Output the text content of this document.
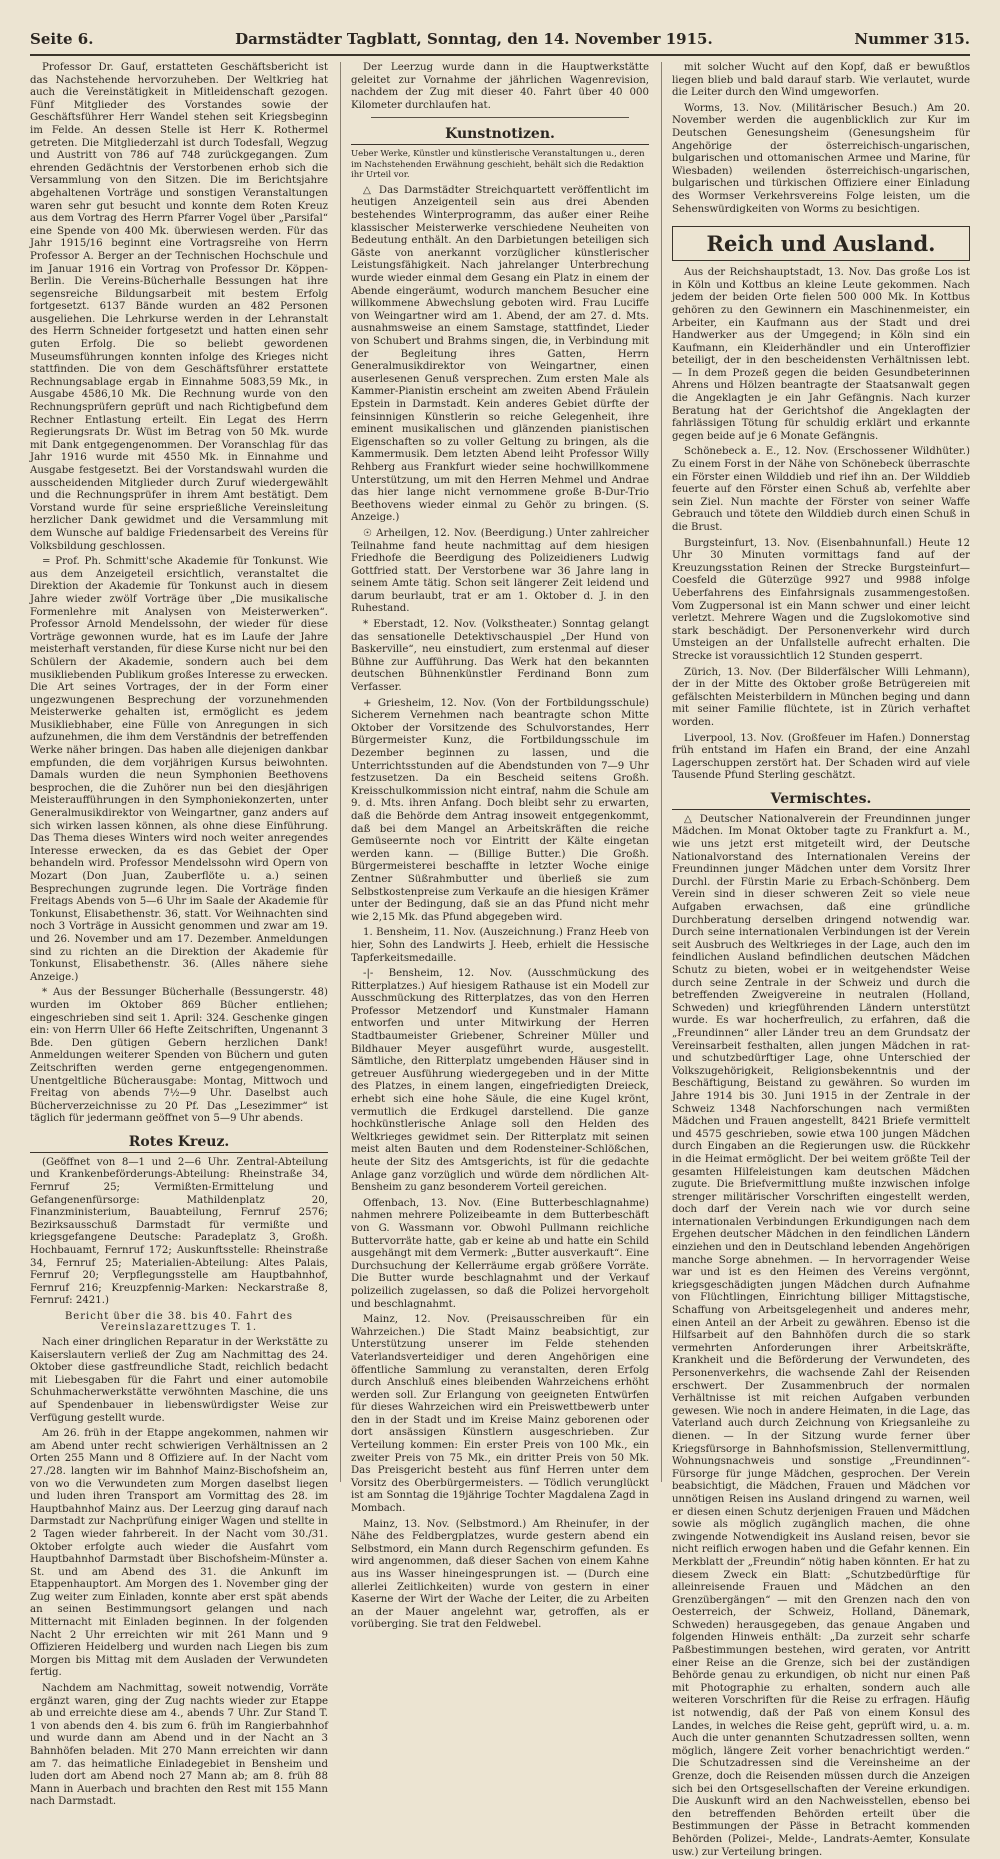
Seite 6.	Darmstädter Tagblatt, Sonntag, den 14. November 1915.	Nummer 315.

Professor Dr. Gauf, erstatteten Geschäftsbericht ist das Nachstehende hervorzuheben. Der Weltkrieg hat auch die Vereinstätigkeit in Mitleidenschaft gezogen. Fünf Mitglieder des Vorstandes sowie der Geschäftsführer Herr Wandel stehen seit Kriegsbeginn im Felde. An dessen Stelle ist Herr K. Rothermel getreten. Die Mitgliederzahl ist durch Todesfall, Wegzug und Austritt von 786 auf 748 zurückgegangen. Zum ehrenden Gedächtnis der Verstorbenen erhob sich die Versammlung von den Sitzen. Die im Berichtsjahre abgehaltenen Vorträge und sonstigen Veranstaltungen waren sehr gut besucht und konnte dem Roten Kreuz aus dem Vortrag des Herrn Pfarrer Vogel über „Parsifal“ eine Spende von 400 Mk. überwiesen werden. Für das Jahr 1915/16 beginnt eine Vortragsreihe von Herrn Professor A. Berger an der Technischen Hochschule und im Januar 1916 ein Vortrag von Professor Dr. Köppen-Berlin. Die Vereins-Bücherhalle Bessungen hat ihre segensreiche Bildungsarbeit mit bestem Erfolg fortgesetzt. 6137 Bände wurden an 482 Personen ausgeliehen. Die Lehrkurse werden in der Lehranstalt des Herrn Schneider fortgesetzt und hatten einen sehr guten Erfolg. Die so beliebt gewordenen Museumsführungen konnten infolge des Krieges nicht stattfinden. Die von dem Geschäftsführer erstattete Rechnungsablage ergab in Einnahme 5083,59 Mk., in Ausgabe 4586,10 Mk. Die Rechnung wurde von den Rechnungsprüfern geprüft und nach Richtigbefund dem Rechner Entlastung erteilt. Ein Legat des Herrn Regierungsrats Dr. Wüst im Betrag von 50 Mk. wurde mit Dank entgegengenommen. Der Voranschlag für das Jahr 1916 wurde mit 4550 Mk. in Einnahme und Ausgabe festgesetzt. Bei der Vorstandswahl wurden die ausscheidenden Mitglieder durch Zuruf wiedergewählt und die Rechnungsprüfer in ihrem Amt bestätigt. Dem Vorstand wurde für seine ersprießliche Vereinsleitung herzlicher Dank gewidmet und die Versammlung mit dem Wunsche auf baldige Friedensarbeit des Vereins für Volksbildung geschlossen.

= Prof. Ph. Schmitt'sche Akademie für Tonkunst. Wie aus dem Anzeigeteil ersichtlich, veranstaltet die Direktion der Akademie für Tonkunst auch in diesem Jahre wieder zwölf Vorträge über „Die musikalische Formenlehre mit Analysen von Meisterwerken“. Professor Arnold Mendelssohn, der wieder für diese Vorträge gewonnen wurde, hat es im Laufe der Jahre meisterhaft verstanden, für diese Kurse nicht nur bei den Schülern der Akademie, sondern auch bei dem musikliebenden Publikum großes Interesse zu erwecken. Die Art seines Vortrages, der in der Form einer ungezwungenen Besprechung der vorzunehmenden Meisterwerke gehalten ist, ermöglicht es jedem Musikliebhaber, eine Fülle von Anregungen in sich aufzunehmen, die ihm dem Verständnis der betreffenden Werke näher bringen. Das haben alle diejenigen dankbar empfunden, die dem vorjährigen Kursus beiwohnten. Damals wurden die neun Symphonien Beethovens besprochen, die die Zuhörer nun bei den diesjährigen Meisteraufführungen in den Symphoniekonzerten, unter Generalmusikdirektor von Weingartner, ganz anders auf sich wirken lassen können, als ohne diese Einführung. Das Thema dieses Winters wird noch weiter anregendes Interesse erwecken, da es das Gebiet der Oper behandeln wird. Professor Mendelssohn wird Opern von Mozart (Don Juan, Zauberflöte u. a.) seinen Besprechungen zugrunde legen. Die Vorträge finden Freitags Abends von 5—6 Uhr im Saale der Akademie für Tonkunst, Elisabethenstr. 36, statt. Vor Weihnachten sind noch 3 Vorträge in Aussicht genommen und zwar am 19. und 26. November und am 17. Dezember. Anmeldungen sind zu richten an die Direktion der Akademie für Tonkunst, Elisabethenstr. 36. (Alles nähere siehe Anzeige.)

* Aus der Bessunger Bücherhalle (Bessungerstr. 48) wurden im Oktober 869 Bücher entliehen; eingeschrieben sind seit 1. April: 324. Geschenke gingen ein: von Herrn Uller 66 Hefte Zeitschriften, Ungenannt 3 Bde. Den gütigen Gebern herzlichen Dank! Anmeldungen weiterer Spenden von Büchern und guten Zeitschriften werden gerne entgegengenommen. Unentgeltliche Bücherausgabe: Montag, Mittwoch und Freitag von abends 7½—9 Uhr. Daselbst auch Bücherverzeichnisse zu 20 Pf. Das „Lesezimmer“ ist täglich für jedermann geöffnet von 5—9 Uhr abends.

Rotes Kreuz.

(Geöffnet von 8—1 und 2—6 Uhr. Zentral-Abteilung und Krankenbeförderungs-Abteilung: Rheinstraße 34, Fernruf 25; Vermißten-Ermittelung und Gefangenenfürsorge: Mathildenplatz 20, Finanzministerium, Bauabteilung, Fernruf 2576; Bezirksausschuß Darmstadt für vermißte und kriegsgefangene Deutsche: Paradeplatz 3, Großh. Hochbauamt, Fernruf 172; Auskunftsstelle: Rheinstraße 34, Fernruf 25; Materialien-Abteilung: Altes Palais, Fernruf 20; Verpflegungsstelle am Hauptbahnhof, Fernruf 216; Kreuzpfennig-Marken: Neckarstraße 8, Fernruf: 2421.)

Bericht über die 38. bis 40. Fahrt des Vereinslazarettzuges T. 1.

Nach einer dringlichen Reparatur in der Werkstätte zu Kaiserslautern verließ der Zug am Nachmittag des 24. Oktober diese gastfreundliche Stadt, reichlich bedacht mit Liebesgaben für die Fahrt und einer automobile Schuhmacherwerkstätte verwöhnten Maschine, die uns auf Spendenbauer in liebenswürdigster Weise zur Verfügung gestellt wurde.

Am 26. früh in der Etappe angekommen, nahmen wir am Abend unter recht schwierigen Verhältnissen an 2 Orten 255 Mann und 8 Offiziere auf. In der Nacht vom 27./28. langten wir im Bahnhof Mainz-Bischofsheim an, von wo die Verwundeten zum Morgen daselbst liegen und luden ihren Transport am Vormittag des 28. im Hauptbahnhof Mainz aus. Der Leerzug ging darauf nach Darmstadt zur Nachprüfung einiger Wagen und stellte in 2 Tagen wieder fahrbereit. In der Nacht vom 30./31. Oktober erfolgte auch wieder die Ausfahrt vom Hauptbahnhof Darmstadt über Bischofsheim-Münster a. St. und am Abend des 31. die Ankunft im Etappenhauptort. Am Morgen des 1. November ging der Zug weiter zum Einladen, konnte aber erst spät abends an seinen Bestimmungsort gelangen und nach Mitternacht mit Einladen beginnen. In der folgenden Nacht 2 Uhr erreichten wir mit 261 Mann und 9 Offizieren Heidelberg und wurden nach Liegen bis zum Morgen bis Mittag mit dem Ausladen der Verwundeten fertig.

Nachdem am Nachmittag, soweit notwendig, Vorräte ergänzt waren, ging der Zug nachts wieder zur Etappe ab und erreichte diese am 4., abends 7 Uhr. Zur Stand T. 1 von abends den 4. bis zum 6. früh im Rangierbahnhof und wurde dann am Abend und in der Nacht an 3 Bahnhöfen beladen. Mit 270 Mann erreichten wir dann am 7. das heimatliche Einladegebiet in Bensheim und luden dort am Abend noch 27 Mann ab; am 8. früh 88 Mann in Auerbach und brachten den Rest mit 155 Mann nach Darmstadt.

Der Leerzug wurde dann in die Hauptwerkstätte geleitet zur Vornahme der jährlichen Wagenrevision, nachdem der Zug mit dieser 40. Fahrt über 40 000 Kilometer durchlaufen hat.

Kunstnotizen.
Ueber Werke, Künstler und künstlerische Veranstaltungen u., deren im Nachstehenden Erwähnung geschieht, behält sich die Redaktion ihr Urteil vor.

△ Das Darmstädter Streichquartett veröffentlicht im heutigen Anzeigenteil sein aus drei Abenden bestehendes Winterprogramm, das außer einer Reihe klassischer Meisterwerke verschiedene Neuheiten von Bedeutung enthält. An den Darbietungen beteiligen sich Gäste von anerkannt vorzüglicher künstlerischer Leistungsfähigkeit. Nach jahrelanger Unterbrechung wurde wieder einmal dem Gesang ein Platz in einem der Abende eingeräumt, wodurch manchem Besucher eine willkommene Abwechslung geboten wird. Frau Luciffe von Weingartner wird am 1. Abend, der am 27. d. Mts. ausnahmsweise an einem Samstage, stattfindet, Lieder von Schubert und Brahms singen, die, in Verbindung mit der Begleitung ihres Gatten, Herrn Generalmusikdirektor von Weingartner, einen auserlesenen Genuß versprechen. Zum ersten Male als Kammer-Pianistin erscheint am zweiten Abend Fräulein Epstein in Darmstadt. Kein anderes Gebiet dürfte der feinsinnigen Künstlerin so reiche Gelegenheit, ihre eminent musikalischen und glänzenden pianistischen Eigenschaften so zu voller Geltung zu bringen, als die Kammermusik. Dem letzten Abend leiht Professor Willy Rehberg aus Frankfurt wieder seine hochwillkommene Unterstützung, um mit den Herren Mehmel und Andrae das hier lange nicht vernommene große B-Dur-Trio Beethovens wieder einmal zu Gehör zu bringen. (S. Anzeige.)

☉ Arheilgen, 12. Nov. (Beerdigung.) Unter zahlreicher Teilnahme fand heute nachmittag auf dem hiesigen Friedhofe die Beerdigung des Polizeidieners Ludwig Gottfried statt. Der Verstorbene war 36 Jahre lang in seinem Amte tätig. Schon seit längerer Zeit leidend und darum beurlaubt, trat er am 1. Oktober d. J. in den Ruhestand.

* Eberstadt, 12. Nov. (Volkstheater.) Sonntag gelangt das sensationelle Detektivschauspiel „Der Hund von Baskerville“, neu einstudiert, zum erstenmal auf dieser Bühne zur Aufführung. Das Werk hat den bekannten deutschen Bühnenkünstler Ferdinand Bonn zum Verfasser.

+ Griesheim, 12. Nov. (Von der Fortbildungsschule) Sicherem Vernehmen nach beantragte schon Mitte Oktober der Vorsitzende des Schulvorstandes, Herr Bürgermeister Kunz, die Fortbildungsschule im Dezember beginnen zu lassen, und die Unterrichtsstunden auf die Abendstunden von 7—9 Uhr festzusetzen. Da ein Bescheid seitens Großh. Kreisschulkommission nicht eintraf, nahm die Schule am 9. d. Mts. ihren Anfang. Doch bleibt sehr zu erwarten, daß die Behörde dem Antrag insoweit entgegenkommt, daß bei dem Mangel an Arbeitskräften die reiche Gemüseernte noch vor Eintritt der Kälte eingetan werden kann. — (Billige Butter.) Die Großh. Bürgermeisterei beschaffte in letzter Woche einige Zentner Süßrahmbutter und überließ sie zum Selbstkostenpreise zum Verkaufe an die hiesigen Krämer unter der Bedingung, daß sie an das Pfund nicht mehr wie 2,15 Mk. das Pfund abgegeben wird.

1. Bensheim, 11. Nov. (Auszeichnung.) Franz Heeb von hier, Sohn des Landwirts J. Heeb, erhielt die Hessische Tapferkeitsmedaille.

-|- Bensheim, 12. Nov. (Ausschmückung des Ritterplatzes.) Auf hiesigem Rathause ist ein Modell zur Ausschmückung des Ritterplatzes, das von den Herren Professor Metzendorf und Kunstmaler Hamann entworfen und unter Mitwirkung der Herren Stadtbaumeister Griebener, Schreiner Müller und Bildhauer Meyer ausgeführt wurde, ausgestellt. Sämtliche, den Ritterplatz umgebenden Häuser sind in getreuer Ausführung wiedergegeben und in der Mitte des Platzes, in einem langen, eingefriedigten Dreieck, erhebt sich eine hohe Säule, die eine Kugel krönt, vermutlich die Erdkugel darstellend. Die ganze hochkünstlerische Anlage soll den Helden des Weltkrieges gewidmet sein. Der Ritterplatz mit seinen meist alten Bauten und dem Rodensteiner-Schlößchen, heute der Sitz des Amtsgerichts, ist für die gedachte Anlage ganz vorzüglich und würde dem nördlichen Alt-Bensheim zu ganz besonderem Vorteil gereichen.

Offenbach, 13. Nov. (Eine Butterbeschlagnahme) nahmen mehrere Polizeibeamte in dem Butterbeschäft von G. Wassmann vor. Obwohl Pullmann reichliche Buttervorräte hatte, gab er keine ab und hatte ein Schild ausgehängt mit dem Vermerk: „Butter ausverkauft“. Eine Durchsuchung der Kellerräume ergab größere Vorräte. Die Butter wurde beschlagnahmt und der Verkauf polizeilich zugelassen, so daß die Polizei hervorgeholt und beschlagnahmt.

Mainz, 12. Nov. (Preisausschreiben für ein Wahrzeichen.) Die Stadt Mainz beabsichtigt, zur Unterstützung unserer im Felde stehenden Vaterlandsverteidiger und deren Angehörigen eine öffentliche Sammlung zu veranstalten, deren Erfolg durch Anschluß eines bleibenden Wahrzeichens erhöht werden soll. Zur Erlangung von geeigneten Entwürfen für dieses Wahrzeichen wird ein Preiswettbewerb unter den in der Stadt und im Kreise Mainz geborenen oder dort ansässigen Künstlern ausgeschrieben. Zur Verteilung kommen: Ein erster Preis von 100 Mk., ein zweiter Preis von 75 Mk., ein dritter Preis von 50 Mk. Das Preisgericht besteht aus fünf Herren unter dem Vorsitz des Oberbürgermeisters. — Tödlich verunglückt ist am Sonntag die 19jährige Tochter Magdalena Zagd in Mombach.

Mainz, 13. Nov. (Selbstmord.) Am Rheinufer, in der Nähe des Feldbergplatzes, wurde gestern abend ein Selbstmord, ein Mann durch Regenschirm gefunden. Es wird angenommen, daß dieser Sachen von einem Kahne aus ins Wasser hineingesprungen ist. — (Durch eine allerlei Zeitlichkeiten) wurde von gestern in einer Kaserne der Wirt der Wache der Leiter, die zu Arbeiten an der Mauer angelehnt war, getroffen, als er vorüberging. Sie trat den Feldwebel.

mit solcher Wucht auf den Kopf, daß er bewußtlos liegen blieb und bald darauf starb. Wie verlautet, wurde die Leiter durch den Wind umgeworfen.

Worms, 13. Nov. (Militärischer Besuch.) Am 20. November werden die augenblicklich zur Kur im Deutschen Genesungsheim (Genesungsheim für Angehörige der österreichisch-ungarischen, bulgarischen und ottomanischen Armee und Marine, für Wiesbaden) weilenden österreichisch-ungarischen, bulgarischen und türkischen Offiziere einer Einladung des Wormser Verkehrsvereins Folge leisten, um die Sehenswürdigkeiten von Worms zu besichtigen.

Reich und Ausland.

Aus der Reichshauptstadt, 13. Nov. Das große Los ist in Köln und Kottbus an kleine Leute gekommen. Nach jedem der beiden Orte fielen 500 000 Mk. In Kottbus gehören zu den Gewinnern ein Maschinenmeister, ein Arbeiter, ein Kaufmann aus der Stadt und drei Handwerker aus der Umgegend; in Köln sind ein Kaufmann, ein Kleiderhändler und ein Unteroffizier beteiligt, der in den bescheidensten Verhältnissen lebt. — In dem Prozeß gegen die beiden Gesundbeterinnen Ahrens und Hölzen beantragte der Staatsanwalt gegen die Angeklagten je ein Jahr Gefängnis. Nach kurzer Beratung hat der Gerichtshof die Angeklagten der fahrlässigen Tötung für schuldig erklärt und erkannte gegen beide auf je 6 Monate Gefängnis.

Schönebeck a. E., 12. Nov. (Erschossener Wildhüter.) Zu einem Forst in der Nähe von Schönebeck überraschte ein Förster einen Wilddieb und rief ihn an. Der Wilddieb feuerte auf den Förster einen Schuß ab, verfehlte aber sein Ziel. Nun machte der Förster von seiner Waffe Gebrauch und tötete den Wilddieb durch einen Schuß in die Brust.

Burgsteinfurt, 13. Nov. (Eisenbahnunfall.) Heute 12 Uhr 30 Minuten vormittags fand auf der Kreuzungsstation Reinen der Strecke Burgsteinfurt—Coesfeld die Güterzüge 9927 und 9988 infolge Ueberfahrens des Einfahrsignals zusammengestoßen. Vom Zugpersonal ist ein Mann schwer und einer leicht verletzt. Mehrere Wagen und die Zugslokomotive sind stark beschädigt. Der Personenverkehr wird durch Umsteigen an der Unfallstelle aufrecht erhalten. Die Strecke ist voraussichtlich 12 Stunden gesperrt.

Zürich, 13. Nov. (Der Bilderfälscher Willi Lehmann), der in der Mitte des Oktober große Betrügereien mit gefälschten Meisterbildern in München beging und dann mit seiner Familie flüchtete, ist in Zürich verhaftet worden.

Liverpool, 13. Nov. (Großfeuer im Hafen.) Donnerstag früh entstand im Hafen ein Brand, der eine Anzahl Lagerschuppen zerstört hat. Der Schaden wird auf viele Tausende Pfund Sterling geschätzt.

Vermischtes.

△ Deutscher Nationalverein der Freundinnen junger Mädchen. Im Monat Oktober tagte zu Frankfurt a. M., wie uns jetzt erst mitgeteilt wird, der Deutsche Nationalvorstand des Internationalen Vereins der Freundinnen junger Mädchen unter dem Vorsitz Ihrer Durchl. der Fürstin Marie zu Erbach-Schönberg. Dem Verein sind in dieser schweren Zeit so viele neue Aufgaben erwachsen, daß eine gründliche Durchberatung derselben dringend notwendig war. Durch seine internationalen Verbindungen ist der Verein seit Ausbruch des Weltkrieges in der Lage, auch den im feindlichen Ausland befindlichen deutschen Mädchen Schutz zu bieten, wobei er in weitgehendster Weise durch seine Zentrale in der Schweiz und durch die betreffenden Zweigvereine in neutralen (Holland, Schweden) und kriegführenden Ländern unterstützt wurde. Es war hocherfreulich, zu erfahren, daß die „Freundinnen“ aller Länder treu an dem Grundsatz der Vereinsarbeit festhalten, allen jungen Mädchen in rat- und schutzbedürftiger Lage, ohne Unterschied der Volkszugehörigkeit, Religionsbekenntnis und der Beschäftigung, Beistand zu gewähren. So wurden im Jahre 1914 bis 30. Juni 1915 in der Zentrale in der Schweiz 1348 Nachforschungen nach vermißten Mädchen und Frauen angestellt, 8421 Briefe vermittelt und 4575 geschrieben, sowie etwa 100 jungen Mädchen durch Eingaben an die Regierungen usw. die Rückkehr in die Heimat ermöglicht. Der bei weitem größte Teil der gesamten Hilfeleistungen kam deutschen Mädchen zugute. Die Briefvermittlung mußte inzwischen infolge strenger militärischer Vorschriften eingestellt werden, doch darf der Verein nach wie vor durch seine internationalen Verbindungen Erkundigungen nach dem Ergehen deutscher Mädchen in den feindlichen Ländern einziehen und den in Deutschland lebenden Angehörigen manche Sorge abnehmen. — In hervorragender Weise war und ist es den Heimen des Vereins vergönnt, kriegsgeschädigten jungen Mädchen durch Aufnahme von Flüchtlingen, Einrichtung billiger Mittagstische, Schaffung von Arbeitsgelegenheit und anderes mehr, einen Anteil an der Arbeit zu gewähren. Ebenso ist die Hilfsarbeit auf den Bahnhöfen durch die so stark vermehrten Anforderungen ihrer Arbeitskräfte, Krankheit und die Beförderung der Verwundeten, des Personenverkehrs, die wachsende Zahl der Reisenden erschwert. Der Zusammenbruch der normalen Verhältnisse ist mit reichen Aufgaben verbunden gewesen. Wie noch in andere Heimaten, in die Lage, das Vaterland auch durch Zeichnung von Kriegsanleihe zu dienen. — In der Sitzung wurde ferner über Kriegsfürsorge in Bahnhofsmission, Stellenvermittlung, Wohnungsnachweis und sonstige „Freundinnen“-Fürsorge für junge Mädchen, gesprochen. Der Verein beabsichtigt, die Mädchen, Frauen und Mädchen vor unnötigen Reisen ins Ausland dringend zu warnen, weil er diesen einen Schutz derjenigen Frauen und Mädchen sowie als möglich zugänglich machen, die ohne zwingende Notwendigkeit ins Ausland reisen, bevor sie nicht reiflich erwogen haben und die Gefahr kennen. Ein Merkblatt der „Freundin“ nötig haben könnten. Er hat zu diesem Zweck ein Blatt: „Schutzbedürftige für alleinreisende Frauen und Mädchen an den Grenzübergängen“ — mit den Grenzen nach den von Oesterreich, der Schweiz, Holland, Dänemark, Schweden) herausgegeben, das genaue Angaben und folgenden Hinweis enthält: „Da zurzeit sehr scharfe Paßbestimmungen bestehen, wird geraten, vor Antritt einer Reise an die Grenze, sich bei der zuständigen Behörde genau zu erkundigen, ob nicht nur einen Paß mit Photographie zu erhalten, sondern auch alle weiteren Vorschriften für die Reise zu erfragen. Häufig ist notwendig, daß der Paß von einem Konsul des Landes, in welches die Reise geht, geprüft wird, u. a. m. Auch die unter genannten Schutzadressen sollten, wenn möglich, längere Zeit vorher benachrichtigt werden.“ Die Schutzadressen sind die Vereinsheime an der Grenze, doch die Reisenden müssen durch die Anzeigen sich bei den Ortsgesellschaften der Vereine erkundigen. Die Auskunft wird an den Nachweisstellen, ebenso bei den betreffenden Behörden erteilt über die Bestimmungen der Pässe in Betracht kommenden Behörden (Polizei-, Melde-, Landrats-Aemter, Konsulate usw.) zur Verteilung bringen.
